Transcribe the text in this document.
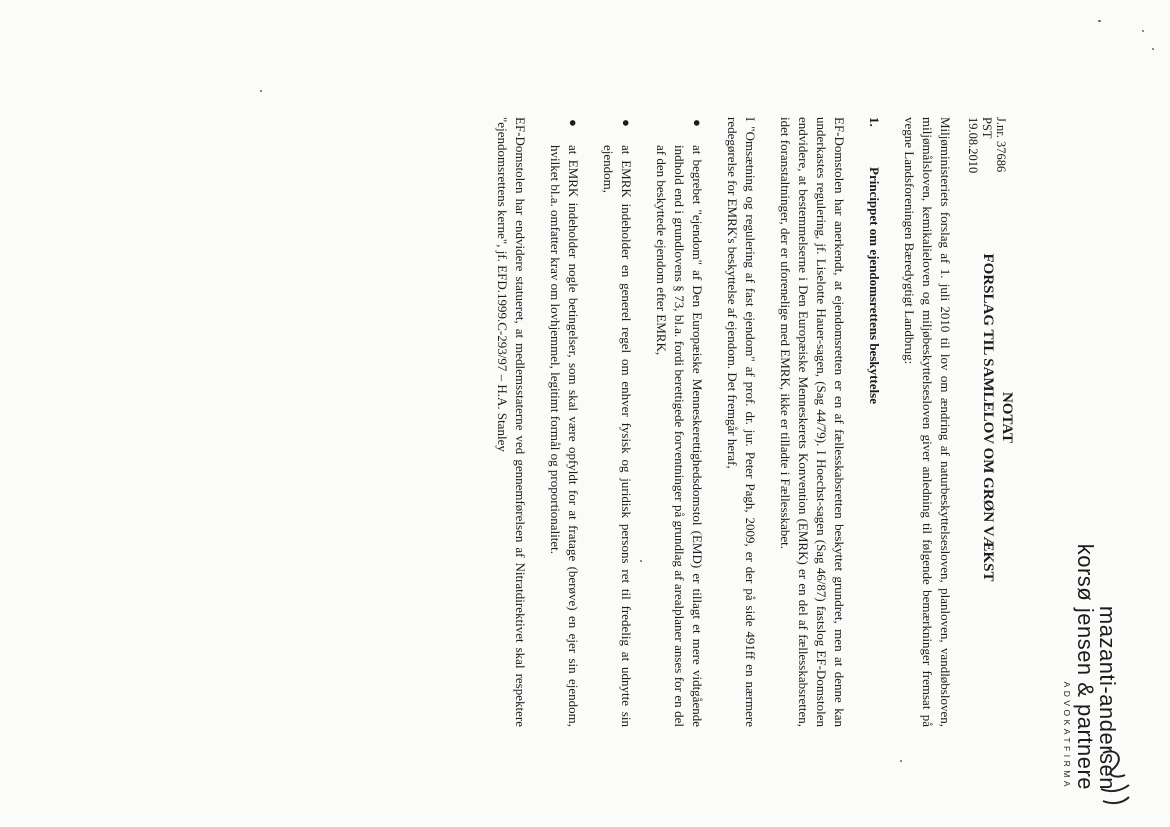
mazanti-andersen
korsø jensen & partnere
ADVOKATFIRMA
NOTAT
FORSLAG TIL SAMLELOV OM GRØN VÆKST
J.nr. 37686
PST
19.08.2010

Miljøministeriets forslag af 1. juli 2010 til lov om ændring af naturbeskyttelsesloven, planloven, vandløbsloven, miljømålsloven, kemikalieloven og miljøbeskyttelsesloven giver anledning til følgende bemærkninger fremsat på vegne Landsforeningen Bæredygtigt Landbrug:

1.
Princippet om ejendomsrettens beskyttelse

EF-Domstolen har anerkendt, at ejendomsretten er en af fællesskabsretten beskyttet grundret, men at denne kan underkastes regulering, jf. Liselotte Hauer-sagen, (Sag 44/79). I Hoechst-sagen (Sag 46/87) fastslog EF-Domstolen endvidere, at bestemmelserne i Den Europæiske Menneskerets Konvention (EMRK) er en del af fællesskabsretten, idet foranstaltninger, der er uforenelige med EMRK, ikke er tilladte i Fællesskabet.

I "Omsætning og regulering af fast ejendom" af prof. dr. jur. Peter Pagh, 2009, er der på side 491ff en nærmere redegørelse for EMRK's beskyttelse af ejendom. Det fremgår heraf,

●
at begrebet "ejendom" af Den Europæiske Menneskerettighedsdomstol (EMD) er tillagt et mere vidtgående indhold end i grundlovens § 73, bl.a. fordi berettigede forventninger på grundlag af arealplaner anses for en del af den beskyttede ejendom efter EMRK,
●
at EMRK indeholder en generel regel om enhver fysisk og juridisk persons ret til fredelig at udnytte sin ejendom,
●
at EMRK indeholder nogle betingelser, som skal være opfyldt for at fratage (berøve) en ejer sin ejendom, hvilket bl.a. omfatter krav om lovhjemmel, legitimt formål og proportionalitet.

EF-Domstolen har endvidere statueret, at medlemsstaterne ved gennemførelsen af Nitratdirektivet skal respektere "ejendomsrettens kerne", jf. EFD.1999.C-293/97 – H.A. Stanley
